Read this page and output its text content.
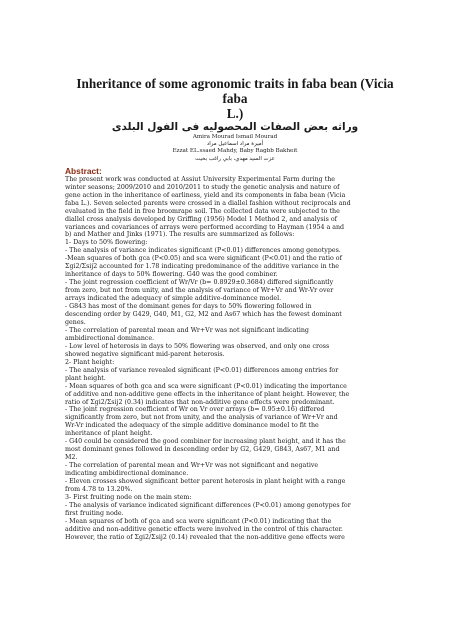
Inheritance of some agronomic traits in faba bean (Vicia faba

L.)

وراثه بعض الصفات المحصوليه فى الفول البلدى

Amira Mourad Ismail Mourad
أميرة مراد اسماعيل مراد
Ezzat EL.ssaed Mahdy, Baby Ragbb Bakheit
عزت السيد مهدي، بابي راغب بخيت

Abstract:

The present work was conducted at Assiut University Experimental Farm during the

winter seasons; 2009/2010 and 2010/2011 to study the genetic analysis and nature of

gene action in the inheritance of earliness, yield and its components in faba bean (Vicia

faba L.). Seven selected parents were crossed in a diallel fashion without reciprocals and

evaluated in the field in free broomrape soil. The collected data were subjected to the

diallel cross analysis developed by Griffing (1956) Model 1 Method 2, and analysis of

variances and covariances of arrays were performed according to Hayman (1954 a and

b) and Mather and Jinks (1971). The results are summarized as follows:

1- Days to 50% flowering:

- The analysis of variance indicates significant (P<0.01) differences among genotypes.

-Mean squares of both gca (P<0.05) and sca were significant (P<0.01) and the ratio of

Σgi2/Σsij2 accounted for 1.78 indicating predominance of the additive variance in the

inheritance of days to 50% flowering. G40 was the good combiner.

- The joint regression coefficient of Wr/Vr (b= 0.8929±0.3684) differed significantly

from zero, but not from unity, and the analysis of variance of Wr+Vr and Wr-Vr over

arrays indicated the adequacy of simple additive-dominance model.

- G843 has most of the dominant genes for days to 50% flowering followed in

descending order by G429, G40, M1, G2, M2 and As67 which has the fewest dominant

genes.

- The correlation of parental mean and Wr+Vr was not significant indicating

ambidirectional dominance.

- Low level of heterosis in days to 50% flowering was observed, and only one cross

showed negative significant mid-parent heterosis.

2- Plant height:

- The analysis of variance revealed significant (P<0.01) differences among entries for

plant height.

- Mean squares of both gca and sca were significant (P<0.01) indicating the importance

of additive and non-additive gene effects in the inheritance of plant height. However, the

ratio of Σgi2/Σsij2 (0.34) indicates that non-additive gene effects were predominant.

- The joint regression coefficient of Wr on Vr over arrays (b= 0.95±0.16) differed

significantly from zero, but not from unity, and the analysis of variance of Wr+Vr and

Wr-Vr indicated the adequacy of the simple additive dominance model to fit the

inheritance of plant height.

- G40 could be considered the good combiner for increasing plant height, and it has the

most dominant genes followed in descending order by G2, G429, G843, As67, M1 and

M2.

- The correlation of parental mean and Wr+Vr was not significant and negative

indicating ambidirectional dominance.

- Eleven crosses showed significant better parent heterosis in plant height with a range

from 4.78 to 13.20%.

3- First fruiting node on the main stem:

- The analysis of variance indicated significant differences (P<0.01) among genotypes for

first fruiting node.

- Mean squares of both of gca and sca were significant (P<0.01) indicating that the

additive and non-additive genetic effects were involved in the control of this character.

However, the ratio of Σgi2/Σsij2 (0.14) revealed that the non-additive gene effects were
